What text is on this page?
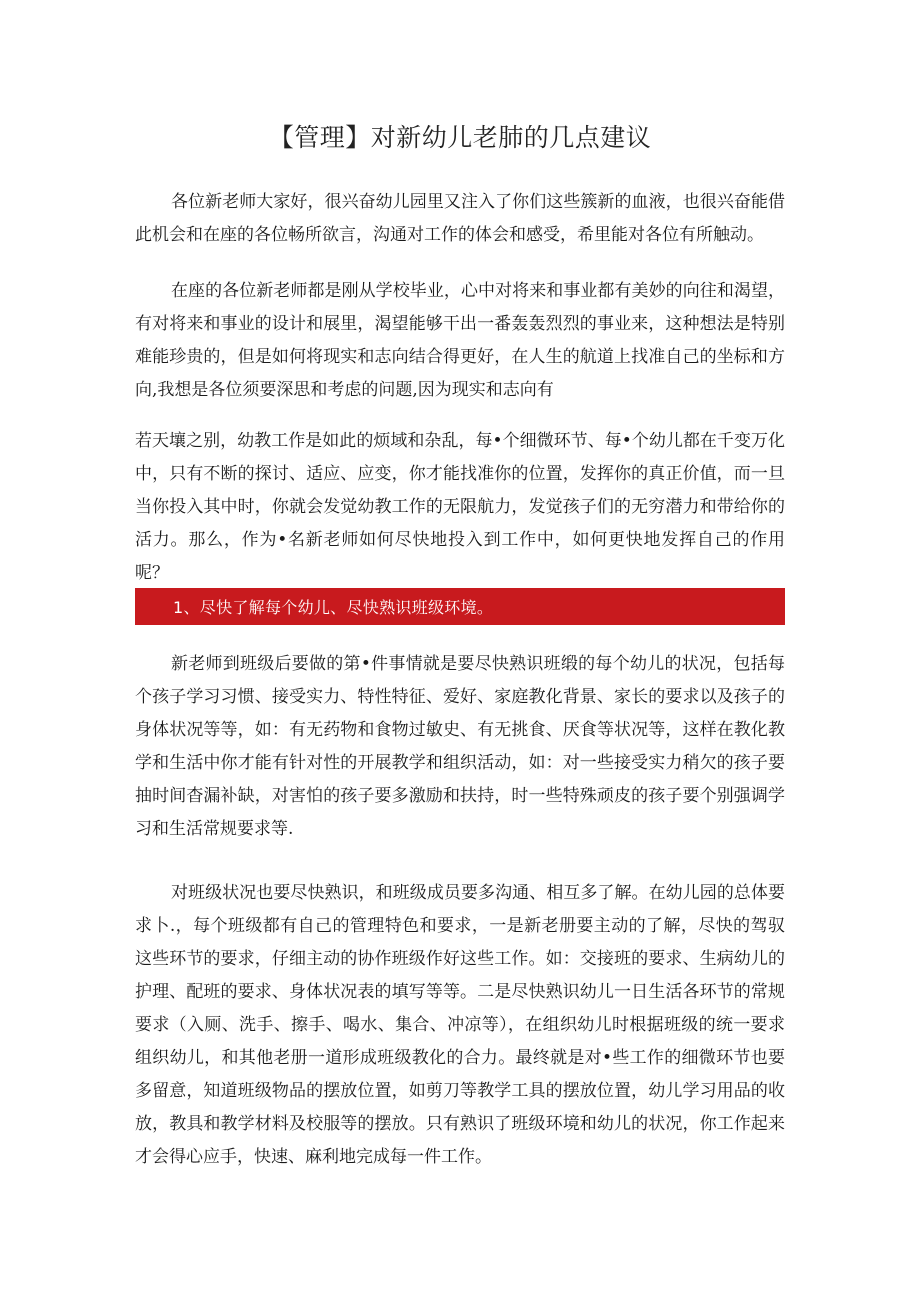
【管理】对新幼儿老肺的几点建议

各位新老师大家好，很兴奋幼儿园里又注入了你们这些簇新的血液，也很兴奋能借此机会和在座的各位畅所欲言，沟通对工作的体会和感受，希里能对各位有所触动。

在座的各位新老师都是刚从学校毕业，心中对将来和事业都有美妙的向往和渴望，有对将来和事业的设计和展里，渴望能够干出一番轰轰烈烈的事业来，这种想法是特别难能珍贵的，但是如何将现实和志向结合得更好，在人生的航道上找准自己的坐标和方向,我想是各位须要深思和考虑的问题,因为现实和志向有

若天壤之别，幼教工作是如此的烦域和杂乱，每•个细微环节、每•个幼儿都在千变万化中，只有不断的探讨、适应、应变，你才能找准你的位置，发挥你的真正价值，而一旦当你投入其中时，你就会发觉幼教工作的无限航力，发觉孩子们的无穷潜力和带给你的活力。那么，作为•名新老师如何尽快地投入到工作中，如何更快地发挥自己的作用呢？

1、尽快了解每个幼儿、尽快熟识班级环境。

新老师到班级后要做的第•件事情就是要尽快熟识班缎的每个幼儿的状况，包括每个孩子学习习惯、接受实力、特性特征、爱好、家庭教化背景、家长的要求以及孩子的身体状况等等，如：有无药物和食物过敏史、有无挑食、厌食等状况等，这样在教化教学和生活中你才能有针对性的开展教学和组织活动，如：对一些接受实力稍欠的孩子要抽时间杳漏补缺，对害怕的孩子要多激励和扶持，时一些特殊顽皮的孩子要个别强调学习和生活常规要求等.

对班级状况也要尽快熟识，和班级成员要多沟通、相互多了解。在幼儿园的总体要求卜.，每个班级都有自己的管理特色和要求，一是新老册要主动的了解，尽快的驾驭这些环节的要求，仔细主动的协作班级作好这些工作。如：交接班的要求、生病幼儿的护理、配班的要求、身体状况表的填写等等。二是尽快熟识幼儿一日生活各环节的常规要求（入厕、洗手、擦手、喝水、集合、冲凉等），在组织幼儿时根据班级的统一要求组织幼儿，和其他老册一道形成班级教化的合力。最终就是对•些工作的细微环节也要多留意，知道班级物品的摆放位置，如剪刀等教学工具的摆放位置，幼儿学习用品的收放，教具和教学材料及校服等的摆放。只有熟识了班级环境和幼儿的状况，你工作起来才会得心应手，快速、麻利地完成每一件工作。
